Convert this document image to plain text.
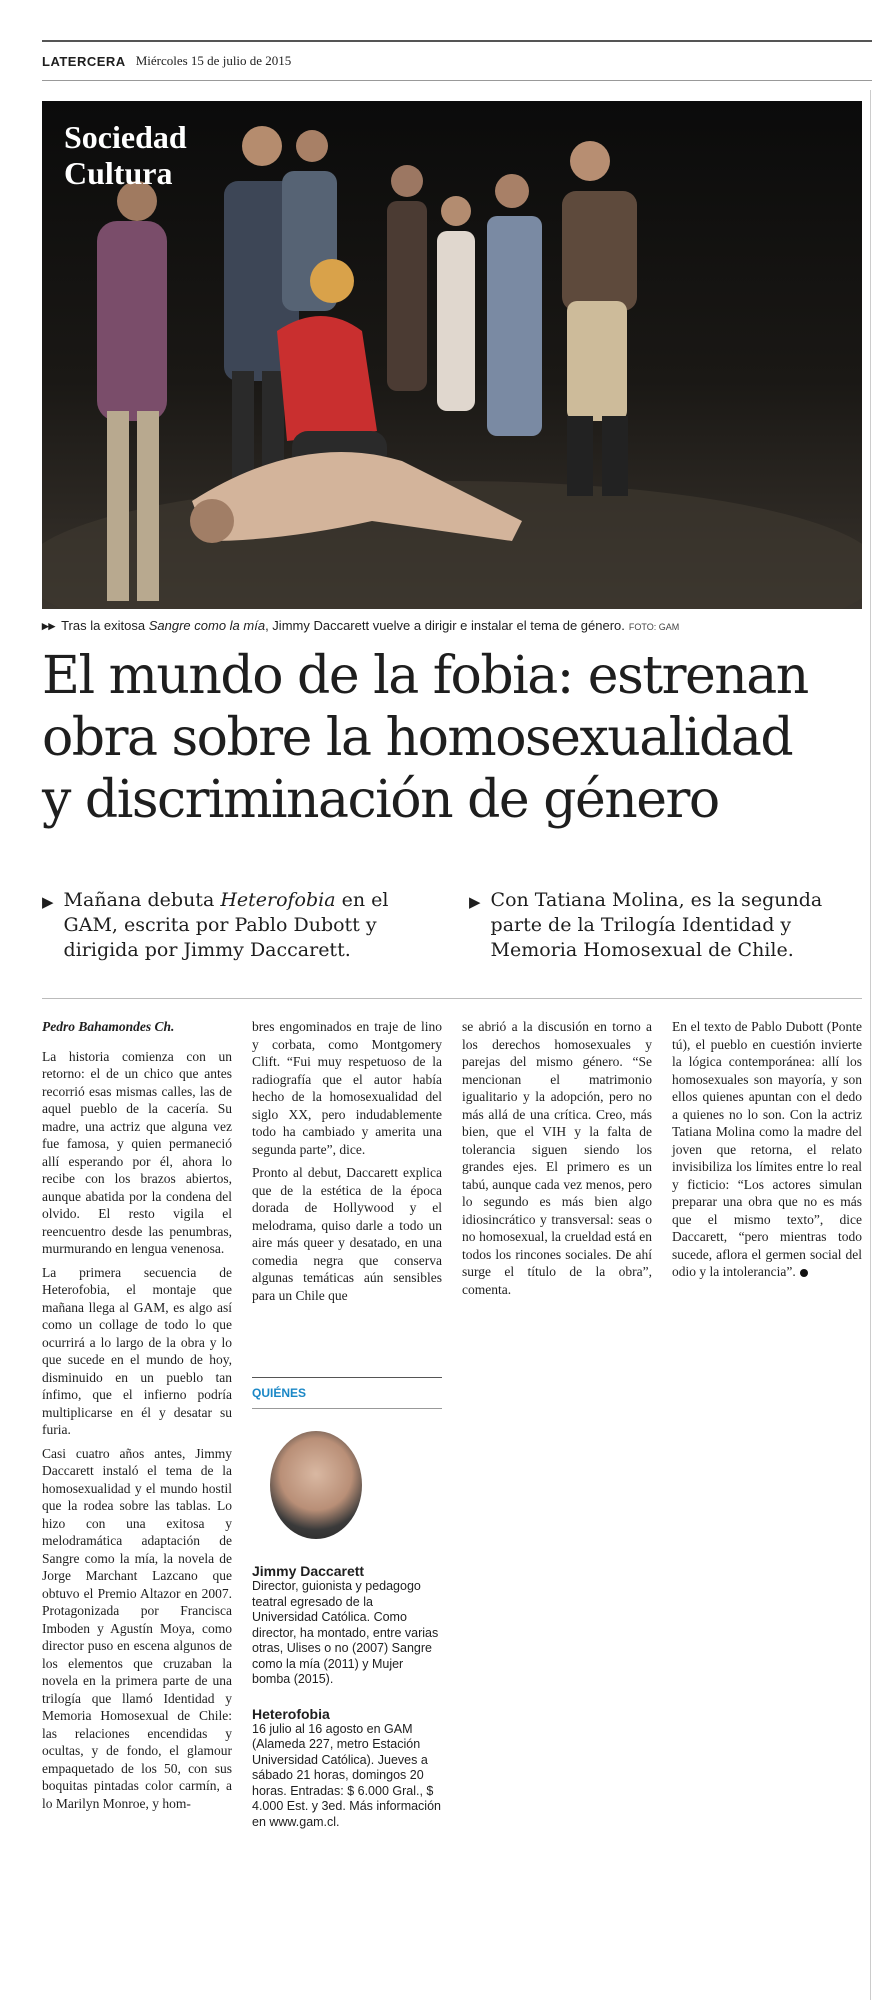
LATERCERA Miércoles 15 de julio de 2015
Sociedad
Cultura
▸▸ Tras la exitosa Sangre como la mía, Jimmy Daccarett vuelve a dirigir e instalar el tema de género. FOTO: GAM
El mundo de la fobia: estrenan
obra sobre la homosexualidad
y discriminación de género
▶ Mañana debuta Heterofobia en el GAM, escrita por Pablo Dubott y dirigida por Jimmy Daccarett.
▶ Con Tatiana Molina, es la segunda parte de la Trilogía Identidad y Memoria Homosexual de Chile.

Pedro Bahamondes Ch.

La historia comienza con un retorno: el de un chico que antes recorrió esas mismas calles, las de aquel pueblo de la cacería. Su madre, una actriz que alguna vez fue famosa, y quien permaneció allí esperando por él, ahora lo recibe con los brazos abiertos, aunque abatida por la condena del olvido. El resto vigila el reencuentro desde las penumbras, murmurando en lengua venenosa.

La primera secuencia de Heterofobia, el montaje que mañana llega al GAM, es algo así como un collage de todo lo que ocurrirá a lo largo de la obra y lo que sucede en el mundo de hoy, disminuido en un pueblo tan ínfimo, que el infierno podría multiplicarse en él y desatar su furia.

Casi cuatro años antes, Jimmy Daccarett instaló el tema de la homosexualidad y el mundo hostil que la rodea sobre las tablas. Lo hizo con una exitosa y melodramática adaptación de Sangre como la mía, la novela de Jorge Marchant Lazcano que obtuvo el Premio Altazor en 2007. Protagonizada por Francisca Imboden y Agustín Moya, como director puso en escena algunos de los elementos que cruzaban la novela en la primera parte de una trilogía que llamó Identidad y Memoria Homosexual de Chile: las relaciones encendidas y ocultas, y de fondo, el glamour empaquetado de los 50, con sus boquitas pintadas color carmín, a lo Marilyn Monroe, y hom-

bres engominados en traje de lino y corbata, como Montgomery Clift. “Fui muy respetuoso de la radiografía que el autor había hecho de la homosexualidad del siglo XX, pero indudablemente todo ha cambiado y amerita una segunda parte”, dice.

Pronto al debut, Daccarett explica que de la estética de la época dorada de Hollywood y el melodrama, quiso darle a todo un aire más queer y desatado, en una comedia negra que conserva algunas temáticas aún sensibles para un Chile que

QUIÉNES
Jimmy Daccarett
Director, guionista y pedagogo teatral egresado de la Universidad Católica. Como director, ha montado, entre varias otras, Ulises o no (2007) Sangre como la mía (2011) y Mujer bomba (2015).
Heterofobia
16 julio al 16 agosto en GAM (Alameda 227, metro Estación Universidad Católica). Jueves a sábado 21 horas, domingos 20 horas. Entradas: $ 6.000 Gral., $ 4.000 Est. y 3ed. Más información en www.gam.cl.

se abrió a la discusión en torno a los derechos homosexuales y parejas del mismo género. “Se mencionan el matrimonio igualitario y la adopción, pero no más allá de una crítica. Creo, más bien, que el VIH y la falta de tolerancia siguen siendo los grandes ejes. El primero es un tabú, aunque cada vez menos, pero lo segundo es más bien algo idiosincrático y transversal: seas o no homosexual, la crueldad está en todos los rincones sociales. De ahí surge el título de la obra”, comenta.

En el texto de Pablo Dubott (Ponte tú), el pueblo en cuestión invierte la lógica contemporánea: allí los homosexuales son mayoría, y son ellos quienes apuntan con el dedo a quienes no lo son. Con la actriz Tatiana Molina como la madre del joven que retorna, el relato invisibiliza los límites entre lo real y ficticio: “Los actores simulan preparar una obra que no es más que el mismo texto”, dice Daccarett, “pero mientras todo sucede, aflora el germen social del odio y la intolerancia”.
